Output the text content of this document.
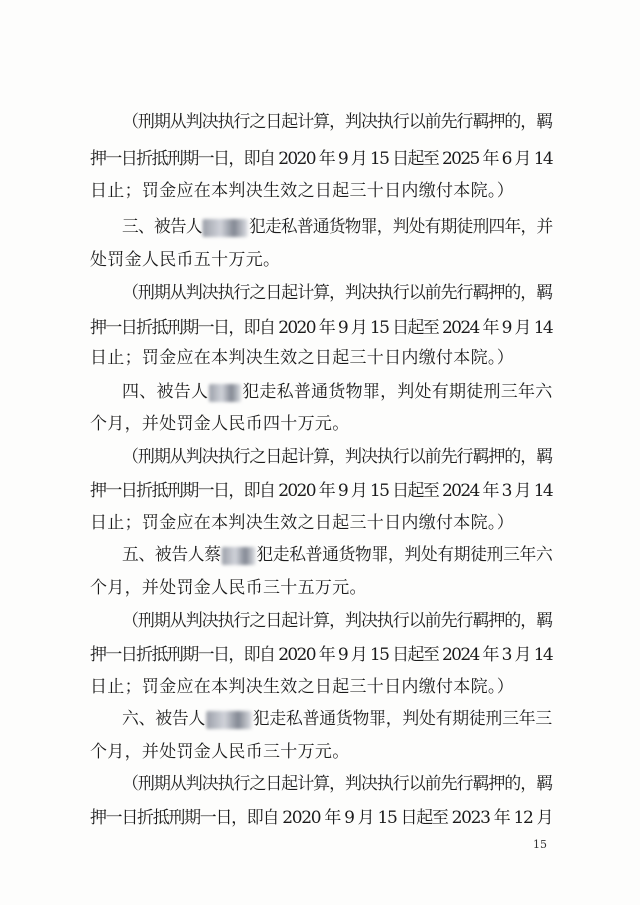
（刑期从判决执行之日起计算，判决执行以前先行羁押的，羁
押一日折抵刑期一日，即自 2020 年 9 月 15 日起至 2025 年 6 月 14
日止；罚金应在本判决生效之日起三十日内缴付本院。）
三、被告人	犯走私普通货物罪，判处有期徒刑四年，并
处罚金人民币五十万元。
（刑期从判决执行之日起计算，判决执行以前先行羁押的，羁
押一日折抵刑期一日，即自 2020 年 9 月 15 日起至 2024 年 9 月 14
日止；罚金应在本判决生效之日起三十日内缴付本院。）
四、被告人 犯走私普通货物罪，判处有期徒刑三年六
个月，并处罚金人民币四十万元。
（刑期从判决执行之日起计算，判决执行以前先行羁押的，羁
押一日折抵刑期一日，即自 2020 年 9 月 15 日起至 2024 年 3 月 14
日止；罚金应在本判决生效之日起三十日内缴付本院。）
五、被告人蔡 犯走私普通货物罪，判处有期徒刑三年六
个月，并处罚金人民币三十五万元。
（刑期从判决执行之日起计算，判决执行以前先行羁押的，羁
押一日折抵刑期一日，即自 2020 年 9 月 15 日起至 2024 年 3 月 14
日止；罚金应在本判决生效之日起三十日内缴付本院。）
六、被告人	犯走私普通货物罪，判处有期徒刑三年三
个月，并处罚金人民币三十万元。
（刑期从判决执行之日起计算，判决执行以前先行羁押的，羁
押一日折抵刑期一日，即自 2020 年 9 月 15 日起至 2023 年 12 月
15
